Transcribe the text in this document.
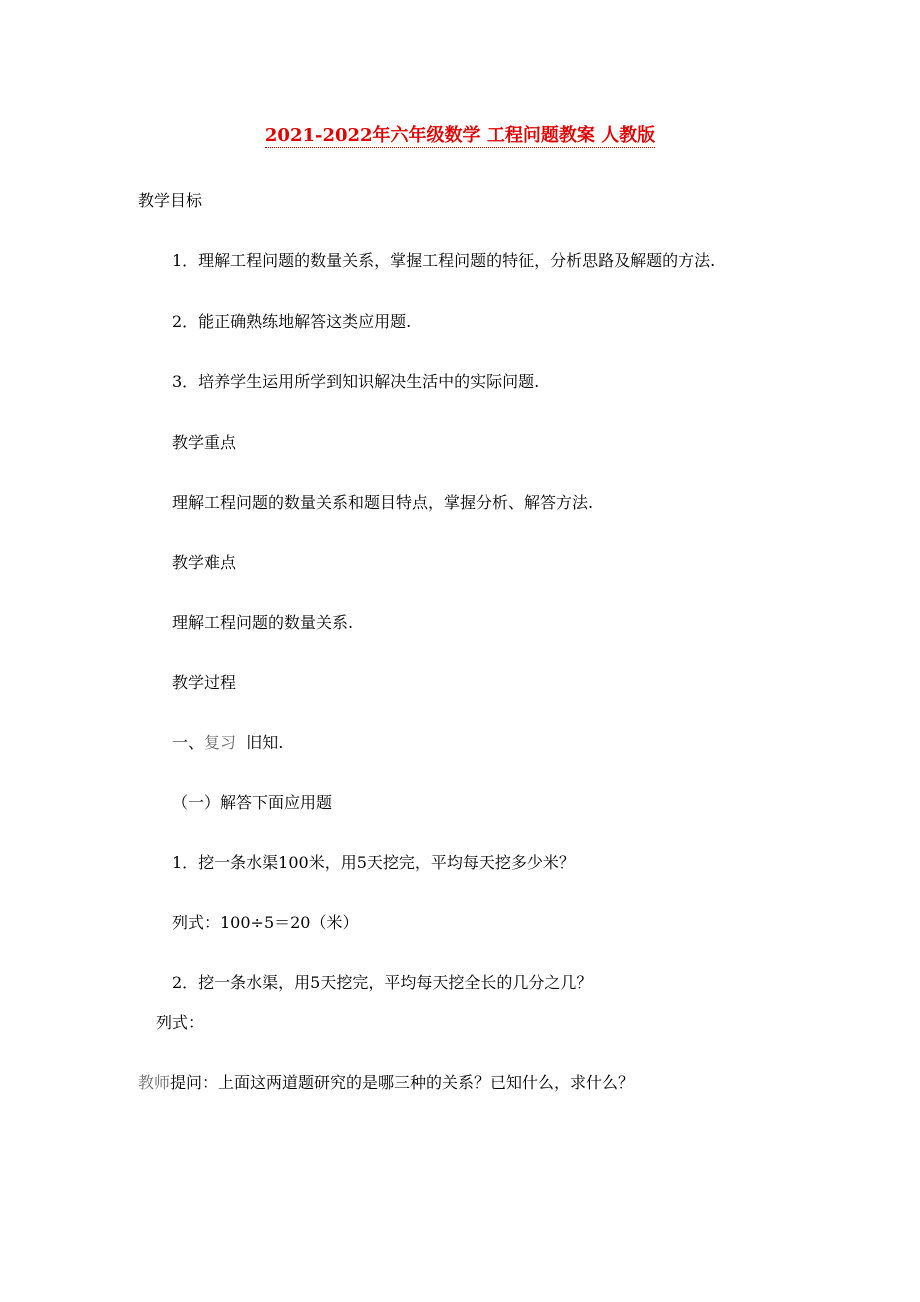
2021-2022年六年级数学 工程问题教案 人教版
教学目标
1．理解工程问题的数量关系，掌握工程问题的特征，分析思路及解题的方法.
2．能正确熟练地解答这类应用题.
3．培养学生运用所学到知识解决生活中的实际问题.
教学重点
理解工程问题的数量关系和题目特点，掌握分析、解答方法.
教学难点
理解工程问题的数量关系.
教学过程
一、复习  旧知.
（一）解答下面应用题
1．挖一条水渠100米，用5天挖完，平均每天挖多少米？
列式：100÷5＝20（米）
2．挖一条水渠，用5天挖完，平均每天挖全长的几分之几？
列式：
教师提问：上面这两道题研究的是哪三种的关系？已知什么，求什么？
